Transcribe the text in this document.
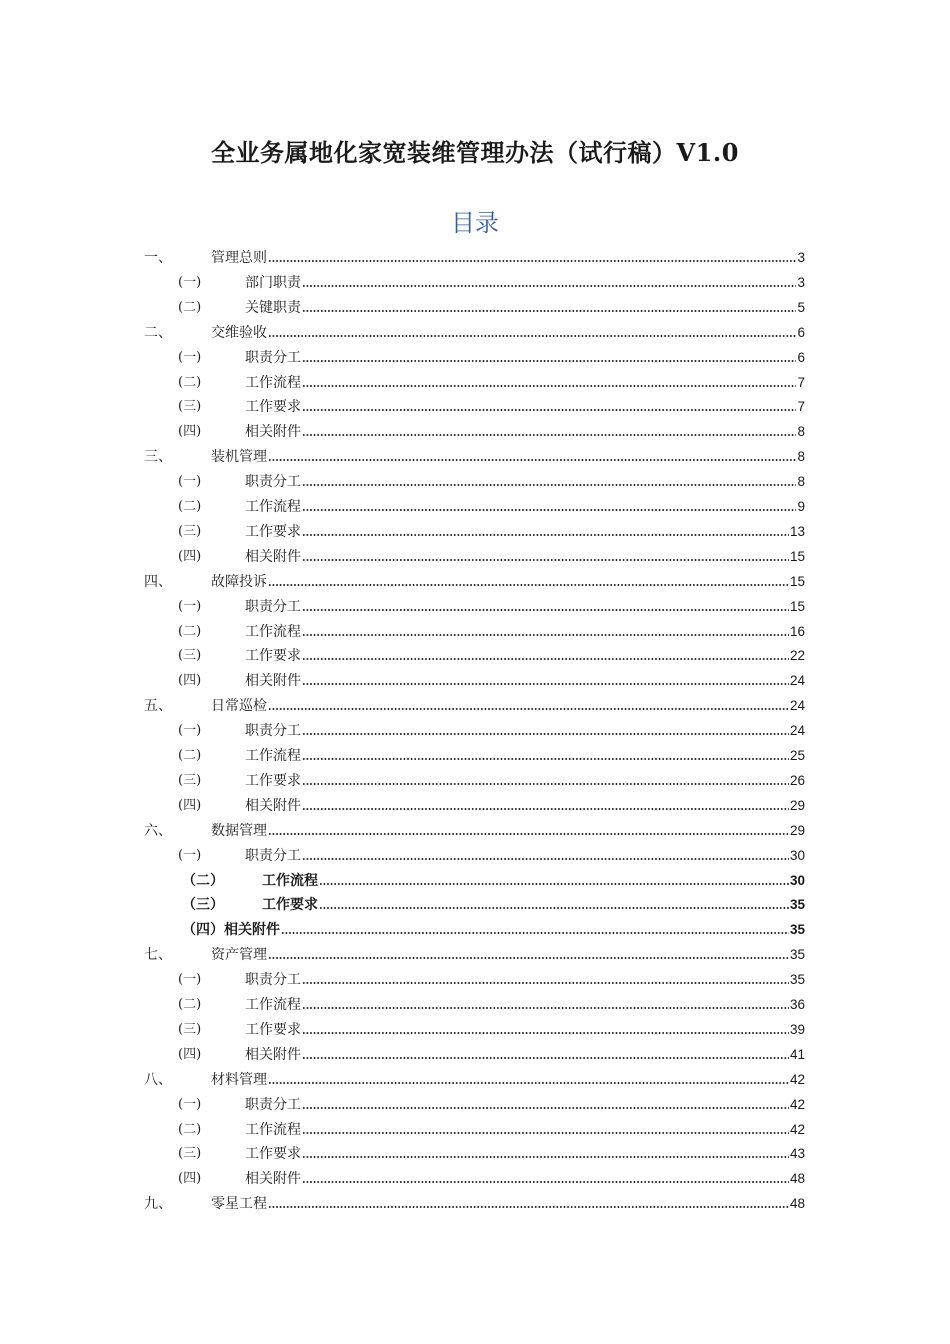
全业务属地化家宽装维管理办法（试行稿）V1.0
目录
一、	管理总则	3
(一)	部门职责	3
(二)	关键职责	5
二、	交维验收	6
(一)	职责分工	6
(二)	工作流程	7
(三)	工作要求	7
(四)	相关附件	8
三、	装机管理	8
(一)	职责分工	8
(二)	工作流程	9
(三)	工作要求	13
(四)	相关附件	15
四、	故障投诉	15
(一)	职责分工	15
(二)	工作流程	16
(三)	工作要求	22
(四)	相关附件	24
五、	日常巡检	24
(一)	职责分工	24
(二)	工作流程	25
(三)	工作要求	26
(四)	相关附件	29
六、	数据管理	29
(一)	职责分工	30
（二）	工作流程	30
（三）	工作要求	35
（四） 相关附件	35
七、	资产管理	35
(一)	职责分工	35
(二)	工作流程	36
(三)	工作要求	39
(四)	相关附件	41
八、	材料管理	42
(一)	职责分工	42
(二)	工作流程	42
(三)	工作要求	43
(四)	相关附件	48
九、	零星工程	48
